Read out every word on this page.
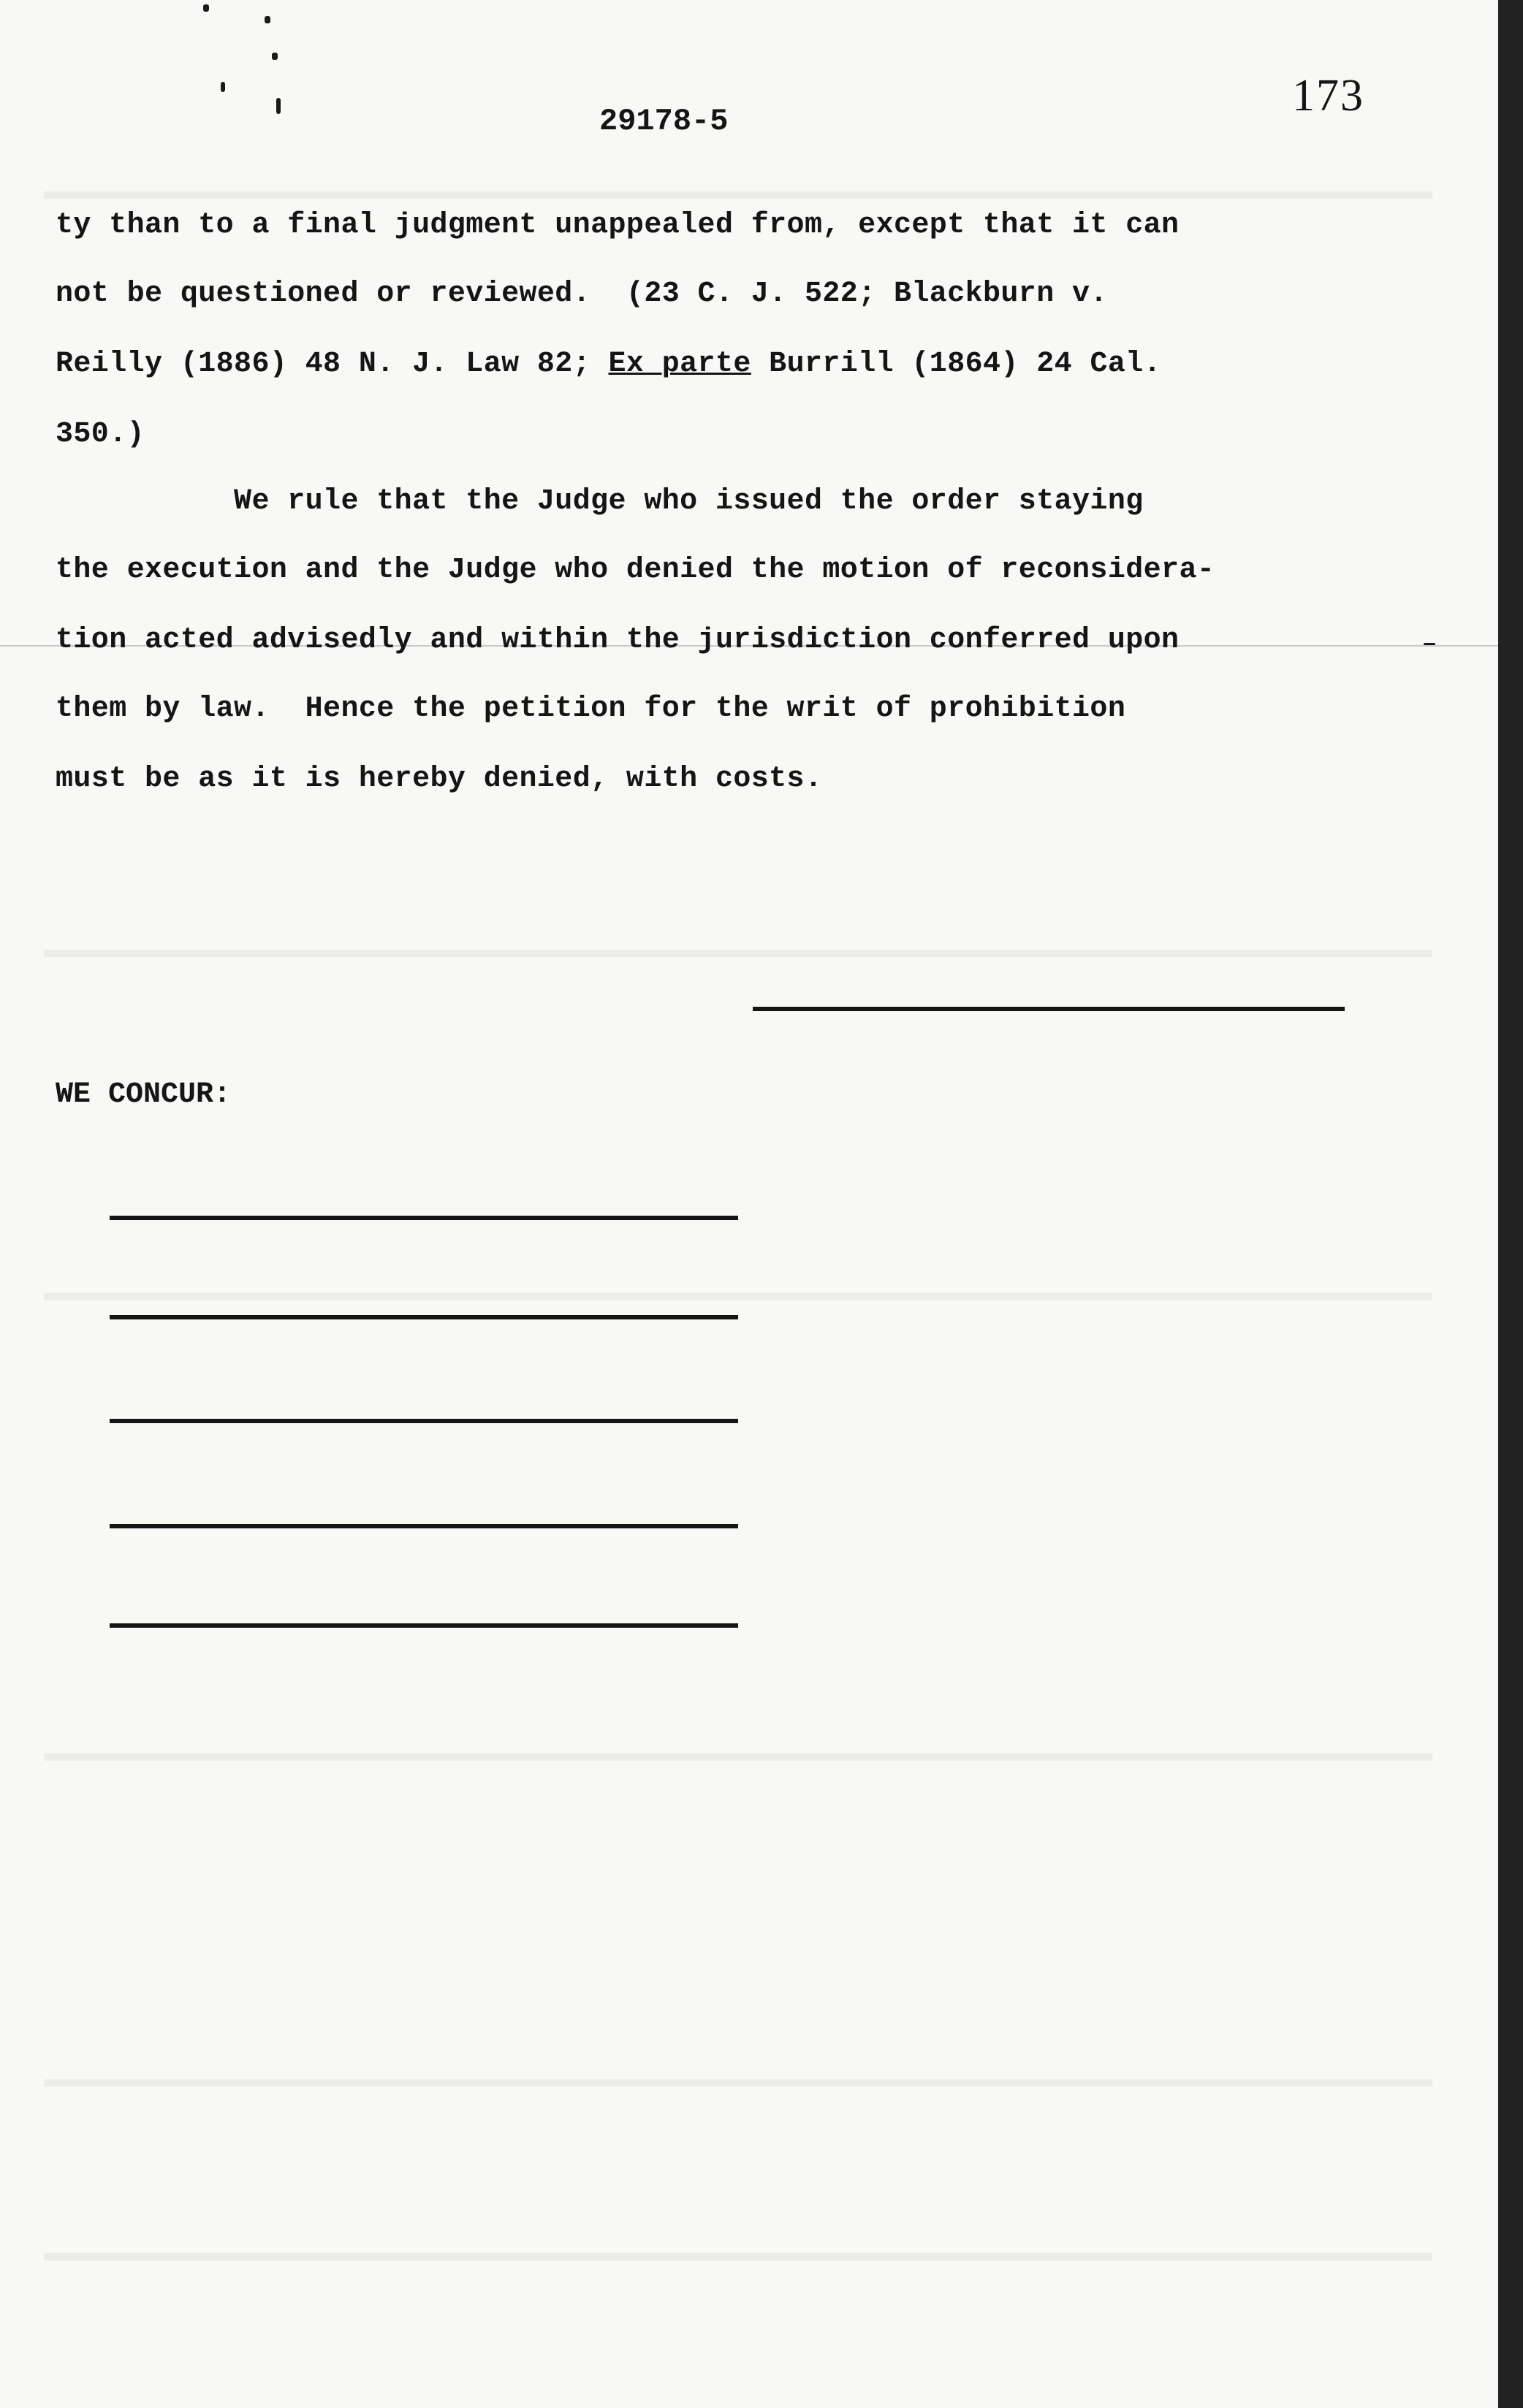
173

29178-5

ty than to a final judgment unappealed from, except that it can

not be questioned or reviewed.  (23 C. J. 522; Blackburn v.

Reilly (1886) 48 N. J. Law 82; Ex parte Burrill (1864) 24 Cal.

350.)

We rule that the Judge who issued the order staying

the execution and the Judge who denied the motion of reconsidera-

tion acted advisedly and within the jurisdiction conferred upon

them by law.  Hence the petition for the writ of prohibition

must be as it is hereby denied, with costs.

WE CONCUR:
